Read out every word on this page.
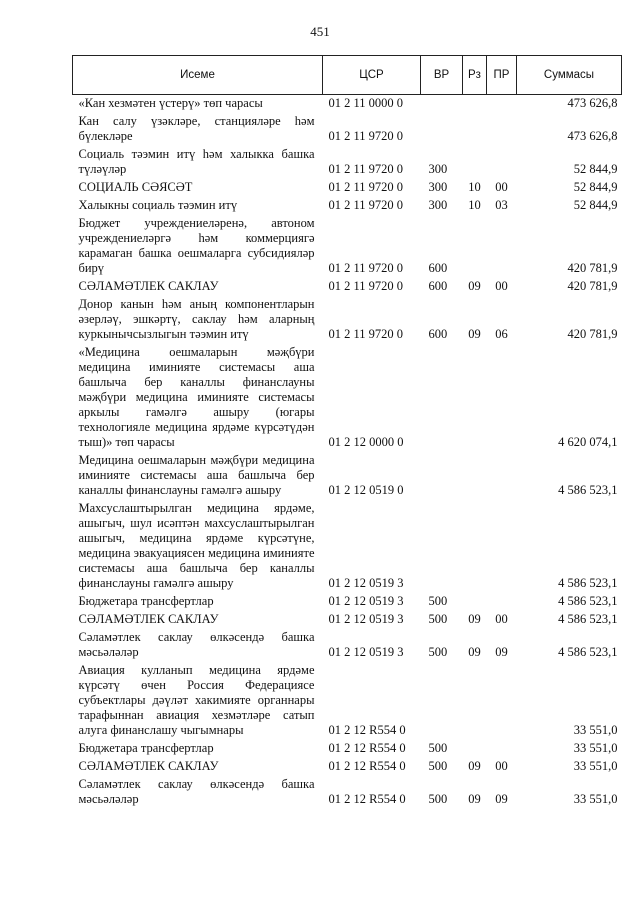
451
Исеме	ЦСР	ВР	Рз	ПР	Суммасы
«Кан хезмәтен үстерү» төп чарасы	01 2 11 0000 0				473 626,8
Кан салу үзәкләре, станцияләре һәм бүлекләре	01 2 11 9720 0				473 626,8
Социаль тәэмин итү һәм халыкка башка түләүләр	01 2 11 9720 0	300			52 844,9
СОЦИАЛЬ СӘЯСӘТ	01 2 11 9720 0	300	10	00	52 844,9
Халыкны социаль тәэмин итү	01 2 11 9720 0	300	10	03	52 844,9
Бюджет учреждениеләренә, автоном учреждениеләргә һәм коммерциягә карамаган башка оешмаларга субсидияләр бирү	01 2 11 9720 0	600			420 781,9
СӘЛАМӘТЛЕК САКЛАУ	01 2 11 9720 0	600	09	00	420 781,9
Донор канын һәм аның компонентларын әзерләү, эшкәртү, саклау һәм аларның куркынычсызлыгын тәэмин итү	01 2 11 9720 0	600	09	06	420 781,9
«Медицина оешмаларын мәҗбүри медицина иминияте системасы аша башлыча бер каналлы финанслауны мәҗбүри медицина иминияте системасы аркылы гамәлгә ашыру (югары технологияле медицина ярдәме күрсәтүдән тыш)» төп чарасы	01 2 12 0000 0				4 620 074,1
Медицина оешмаларын мәҗбүри медицина иминияте системасы аша башлыча бер каналлы финанслауны гамәлгә ашыру	01 2 12 0519 0				4 586 523,1
Махсуслаштырылган медицина ярдәме, ашыгыч, шул исәптән махсуслаштырылган ашыгыч, медицина ярдәме күрсәтүне, медицина эвакуациясен медицина иминияте системасы аша башлыча бер каналлы финанслауны гамәлгә ашыру	01 2 12 0519 3				4 586 523,1
Бюджетара трансфертлар	01 2 12 0519 3	500			4 586 523,1
СӘЛАМӘТЛЕК САКЛАУ	01 2 12 0519 3	500	09	00	4 586 523,1
Сәламәтлек саклау өлкәсендә башка мәсьәләләр	01 2 12 0519 3	500	09	09	4 586 523,1
Авиация кулланып медицина ярдәме күрсәтү өчен Россия Федерациясе субъектлары дәүләт хакимияте органнары тарафыннан авиация хезмәтләре сатып алуга финанслашу чыгымнары	01 2 12 R554 0				33 551,0
Бюджетара трансфертлар	01 2 12 R554 0	500			33 551,0
СӘЛАМӘТЛЕК САКЛАУ	01 2 12 R554 0	500	09	00	33 551,0
Сәламәтлек саклау өлкәсендә башка мәсьәләләр	01 2 12 R554 0	500	09	09	33 551,0
